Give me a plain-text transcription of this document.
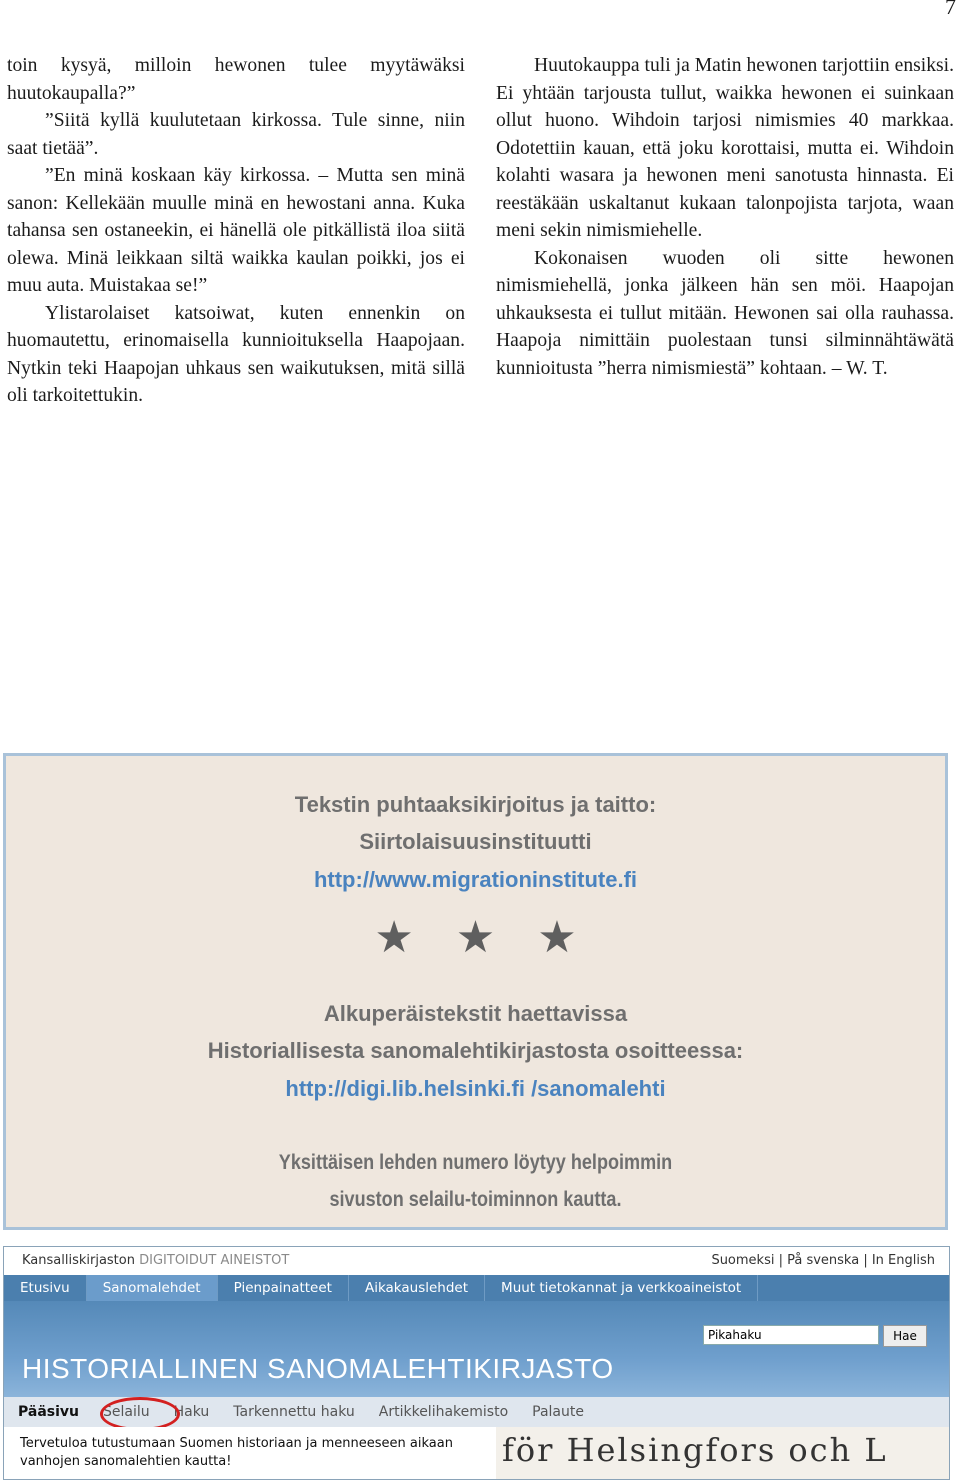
7

toin kysyä, milloin hewonen tulee myytäwäksi huutokaupalla?”

”Siitä kyllä kuulutetaan kirkossa. Tule sinne, niin saat tietää”.

”En minä koskaan käy kirkossa. – Mutta sen minä sanon: Kellekään muulle minä en hewostani anna. Kuka tahansa sen ostaneekin, ei hänellä ole pitkällistä iloa siitä olewa. Minä leikkaan siltä waikka kaulan poikki, jos ei muu auta. Muistakaa se!”

Ylistarolaiset katsoiwat, kuten ennenkin on huomautettu, erinomaisella kunnioituksella Haapojaan. Nytkin teki Haapojan uhkaus sen waikutuksen, mitä sillä oli tarkoitettukin.

Huutokauppa tuli ja Matin hewonen tarjottiin ensiksi. Ei yhtään tarjousta tullut, waikka hewonen ei suinkaan ollut huono. Wihdoin tarjosi nimismies 40 markkaa. Odotettiin kauan, että joku korottaisi, mutta ei. Wihdoin kolahti wasara ja hewonen meni sanotusta hinnasta. Ei reestäkään uskaltanut kukaan talonpojista tarjota, waan meni sekin nimismiehelle.

Kokonaisen wuoden oli sitte hewonen nimismiehellä, jonka jälkeen hän sen möi. Haapojan uhkauksesta ei tullut mitään. Hewonen sai olla rauhassa. Haapoja nimittäin puolestaan tunsi silminnähtäwätä kunnioitusta ”herra nimismiestä” kohtaan. – W. T.

Tekstin puhtaaksikirjoitus ja taitto:
Siirtolaisuusinstituutti
http://www.migrationinstitute.fi
★★★
Alkuperäistekstit haettavissa
Historiallisesta sanomalehtikirjastosta osoitteessa:
http://digi.lib.helsinki.fi /sanomalehti
Yksittäisen lehden numero löytyy helpoimmin
sivuston selailu-toiminnon kautta.
Kansalliskirjaston DIGITOIDUT AINEISTOT	Suomeksi | På svenska | In English
Etusivu	Sanomalehdet	Pienpainatteet	Aikakauslehdet	Muut tietokannat ja verkkoaineistot
Pikahaku	Hae
HISTORIALLINEN SANOMALEHTIKIRJASTO
Pääsivu Selailu Haku Tarkennettu haku Artikkelihakemisto Palaute
Tervetuloa tutustumaan Suomen historiaan ja menneeseen aikaan vanhojen sanomalehtien kautta!	för Helsingfors och L
